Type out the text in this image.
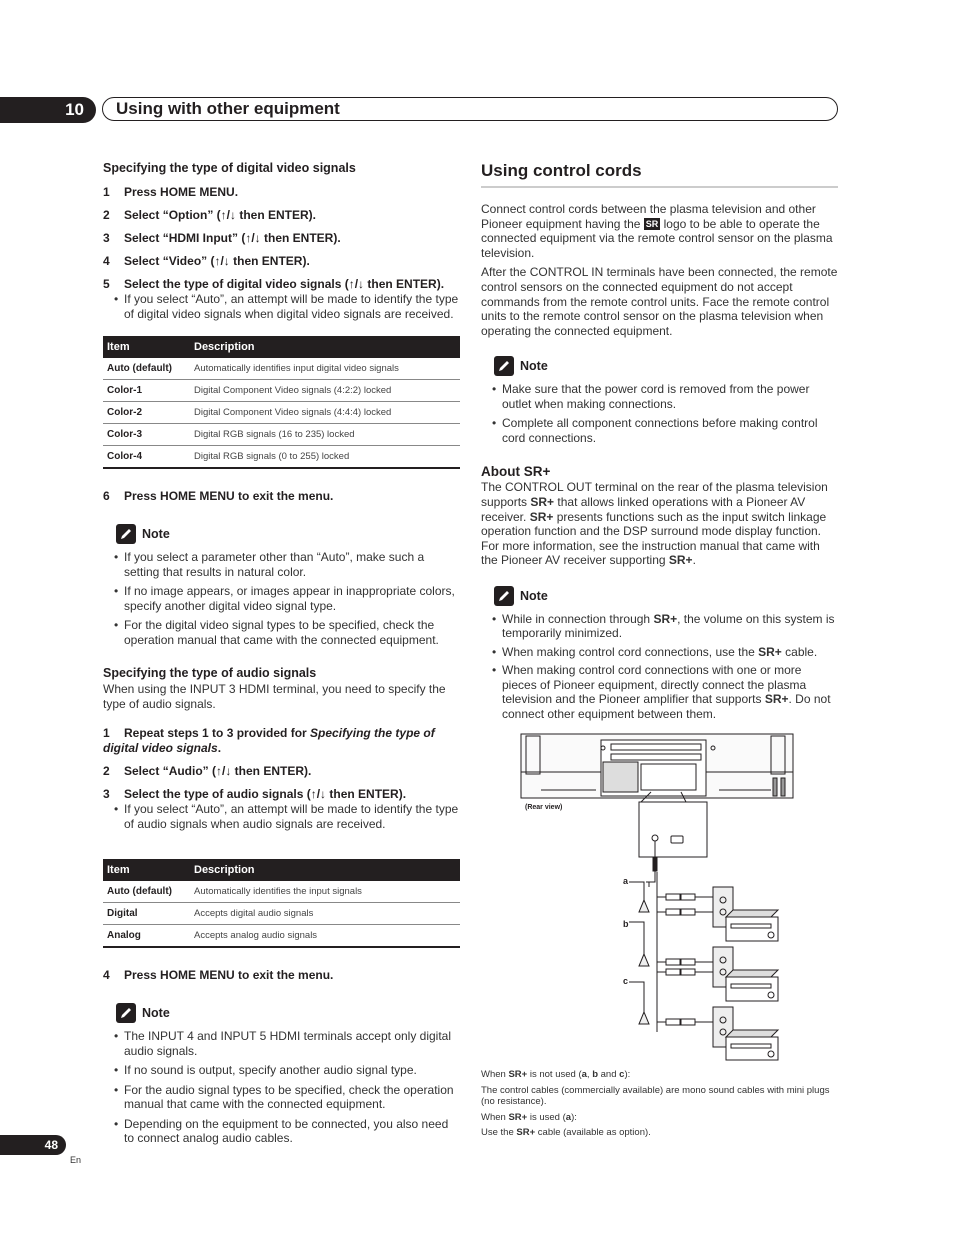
10	Using with other equipment
Specifying the type of digital video signals

1 Press HOME MENU.

2 Select “Option” (↑/↓ then ENTER).

3 Select “HDMI Input” (↑/↓ then ENTER).

4 Select “Video” (↑/↓ then ENTER).

5 Select the type of digital video signals (↑/↓ then ENTER).

• If you select “Auto”, an attempt will be made to identify the type of digital video signals when digital video signals are received.

Item	Description
Auto (default)	Automatically identifies input digital video signals
Color-1	Digital Component Video signals (4:2:2) locked
Color-2	Digital Component Video signals (4:4:4) locked
Color-3	Digital RGB signals (16 to 235) locked
Color-4	Digital RGB signals (0 to 255) locked

6 Press HOME MENU to exit the menu.

Note

• If you select a parameter other than “Auto”, make such a setting that results in natural color.

• If no image appears, or images appear in inappropriate colors, specify another digital video signal type.

• For the digital video signal types to be specified, check the operation manual that came with the connected equipment.

Specifying the type of audio signals

When using the INPUT 3 HDMI terminal, you need to specify the type of audio signals.

1 Repeat steps 1 to 3 provided for Specifying the type of digital video signals.

2 Select “Audio” (↑/↓ then ENTER).

3 Select the type of audio signals (↑/↓ then ENTER).

• If you select “Auto”, an attempt will be made to identify the type of audio signals when audio signals are received.

Item	Description
Auto (default)	Automatically identifies the input signals
Digital	Accepts digital audio signals
Analog	Accepts analog audio signals

4 Press HOME MENU to exit the menu.

Note

• The INPUT 4 and INPUT 5 HDMI terminals accept only digital audio signals.

• If no sound is output, specify another audio signal type.

• For the audio signal types to be specified, check the operation manual that came with the connected equipment.

• Depending on the equipment to be connected, you also need to connect analog audio cables.

Using control cords

Connect control cords between the plasma television and other Pioneer equipment having the SR logo to be able to operate the connected equipment via the remote control sensor on the plasma television.

After the CONTROL IN terminals have been connected, the remote control sensors on the connected equipment do not accept commands from the remote control units. Face the remote control units to the remote control sensor on the plasma television when operating the connected equipment.

Note

• Make sure that the power cord is removed from the power outlet when making connections.

• Complete all component connections before making control cord connections.

About SR+

The CONTROL OUT terminal on the rear of the plasma television supports SR+ that allows linked operations with a Pioneer AV receiver. SR+ presents functions such as the input switch linkage operation function and the DSP surround mode display function. For more information, see the instruction manual that came with the Pioneer AV receiver supporting SR+.

Note

• While in connection through SR+, the volume on this system is temporarily minimized.

• When making control cord connections, use the SR+ cable.

• When making control cord connections with one or more pieces of Pioneer equipment, directly connect the plasma television and the Pioneer amplifier that supports SR+. Do not connect other equipment between them.

(Rear view)
a
b
c

When SR+ is not used (a, b and c):

The control cables (commercially available) are mono sound cables with mini plugs (no resistance).

When SR+ is used (a):

Use the SR+ cable (available as option).

48
En
